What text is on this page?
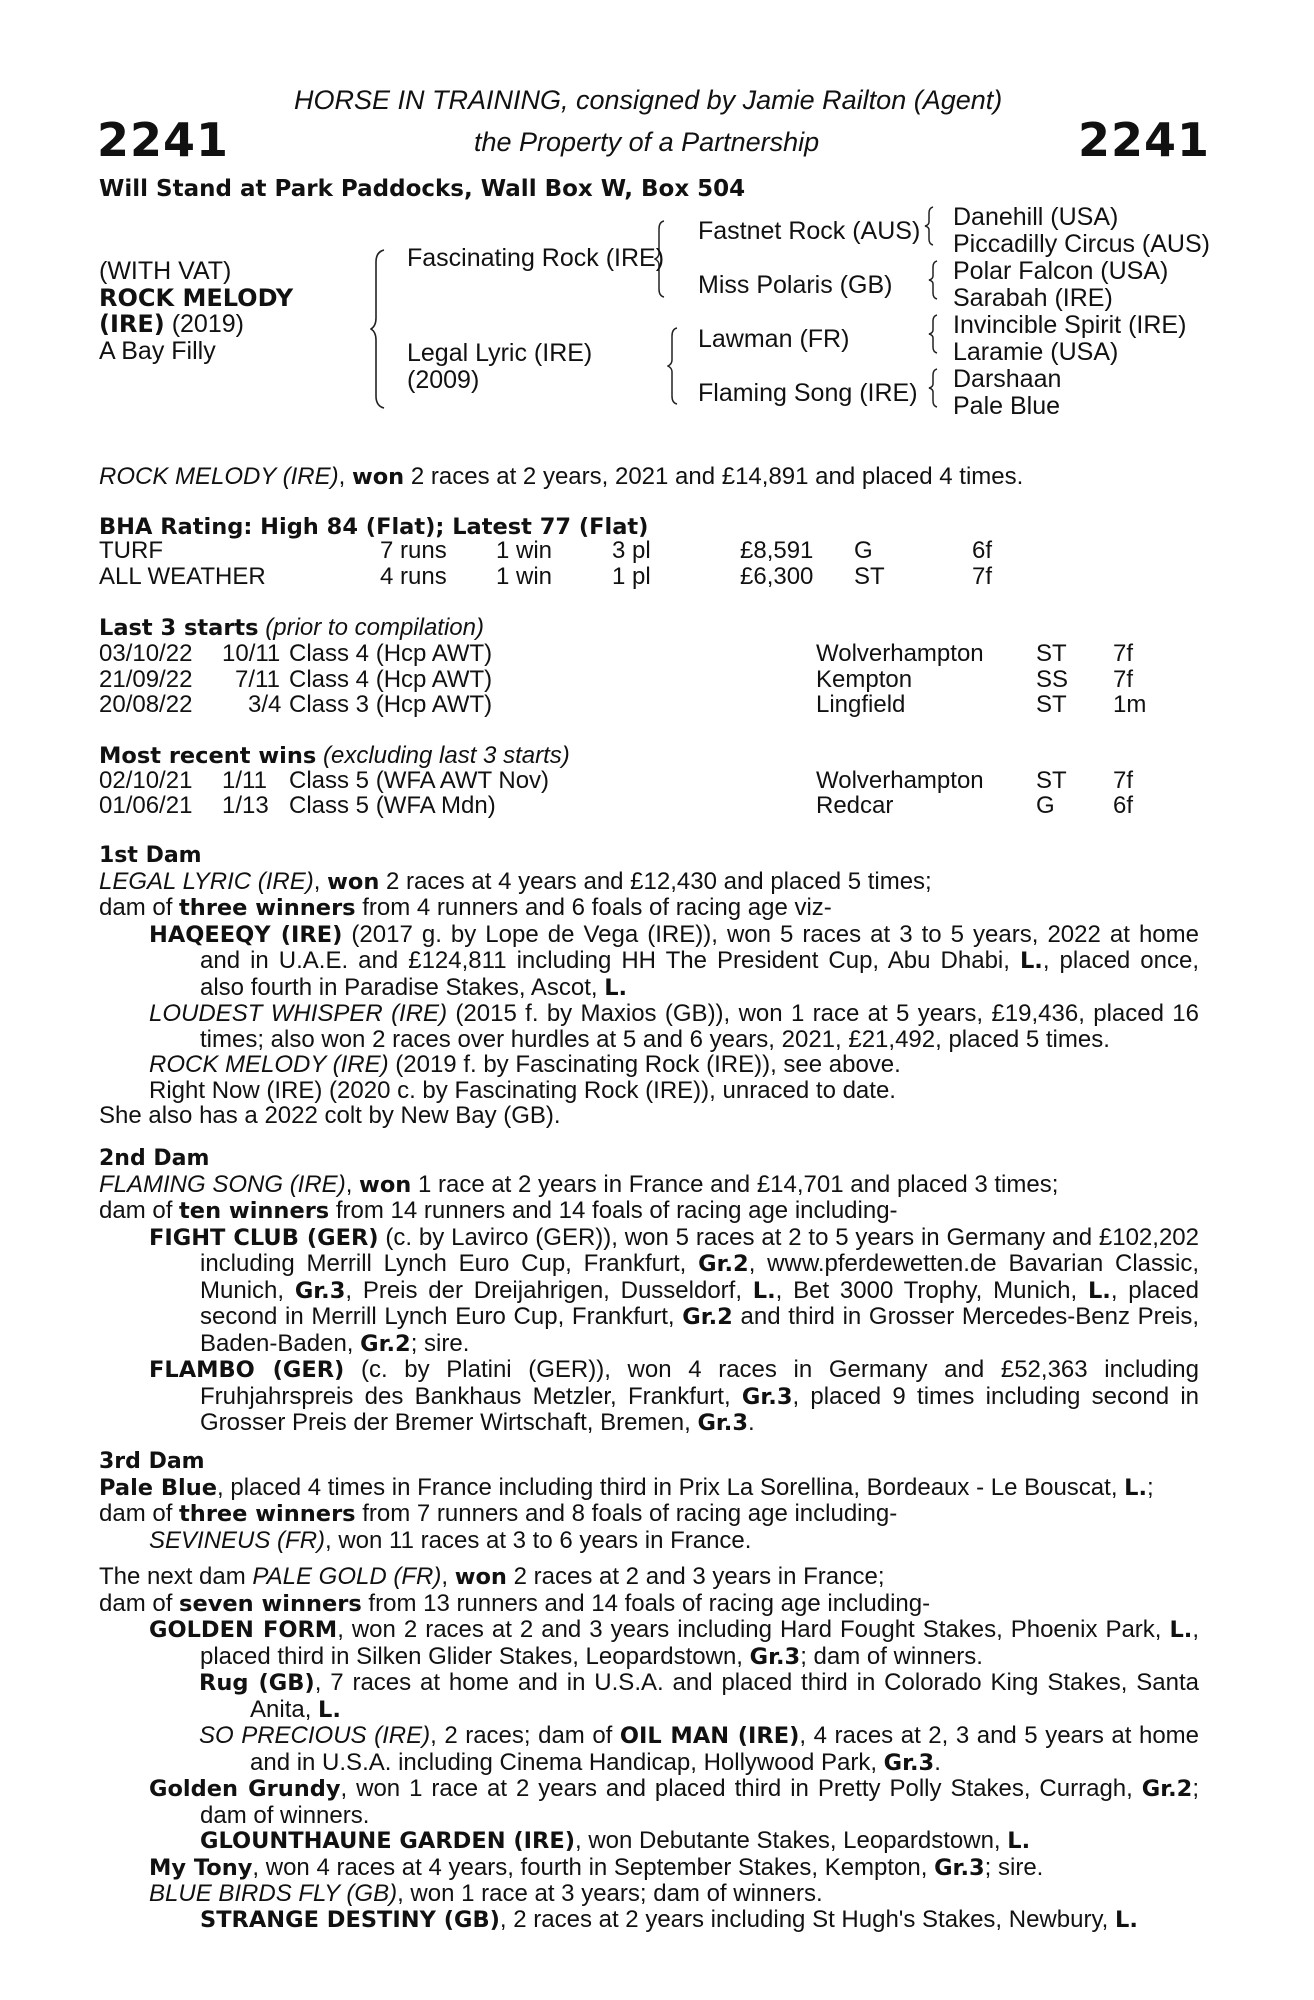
2241	2241
HORSE IN TRAINING, consigned by Jamie Railton (Agent)
the Property of a Partnership
Will Stand at Park Paddocks, Wall Box W, Box 504
(WITH VAT)
ROCK MELODY
(IRE) (2019)
A Bay Filly
Fascinating Rock (IRE)
Legal Lyric (IRE)
(2009)
Fastnet Rock (AUS)
Miss Polaris (GB)
Lawman (FR)
Flaming Song (IRE)
Danehill (USA)
Piccadilly Circus (AUS)
Polar Falcon (USA)
Sarabah (IRE)
Invincible Spirit (IRE)
Laramie (USA)
Darshaan
Pale Blue
ROCK MELODY (IRE), won 2 races at 2 years, 2021 and £14,891 and placed 4 times.
BHA Rating: High 84 (Flat); Latest 77 (Flat)
TURF	7 runs 1 win 3 pl	£8,591 G	6f
ALL WEATHER	4 runs 1 win 1 pl	£6,300 ST	7f
Last 3 starts (prior to compilation)
03/10/22 10/11 Class 4 (Hcp AWT)	Wolverhampton ST 7f
21/09/22 7/11 Class 4 (Hcp AWT)	Kempton	SS 7f
20/08/22 3/4 Class 3 (Hcp AWT)	Lingfield	ST 1m
Most recent wins (excluding last 3 starts)
02/10/21 1/11 Class 5 (WFA AWT Nov)	Wolverhampton ST 7f
01/06/21 1/13 Class 5 (WFA Mdn)	Redcar	G 6f

1st Dam

LEGAL LYRIC (IRE), won 2 races at 4 years and £12,430 and placed 5 times;

dam of three winners from 4 runners and 6 foals of racing age viz-

HAQEEQY (IRE) (2017 g. by Lope de Vega (IRE)), won 5 races at 3 to 5 years, 2022 at home and in U.A.E. and £124,811 including HH The President Cup, Abu Dhabi, L., placed once, also fourth in Paradise Stakes, Ascot, L.

LOUDEST WHISPER (IRE) (2015 f. by Maxios (GB)), won 1 race at 5 years, £19,436, placed 16 times; also won 2 races over hurdles at 5 and 6 years, 2021, £21,492, placed 5 times.

ROCK MELODY (IRE) (2019 f. by Fascinating Rock (IRE)), see above.

Right Now (IRE) (2020 c. by Fascinating Rock (IRE)), unraced to date.

She also has a 2022 colt by New Bay (GB).

2nd Dam

FLAMING SONG (IRE), won 1 race at 2 years in France and £14,701 and placed 3 times;

dam of ten winners from 14 runners and 14 foals of racing age including-

FIGHT CLUB (GER) (c. by Lavirco (GER)), won 5 races at 2 to 5 years in Germany and £102,202 including Merrill Lynch Euro Cup, Frankfurt, Gr.2, www.pferdewetten.de Bavarian Classic, Munich, Gr.3, Preis der Dreijahrigen, Dusseldorf, L., Bet 3000 Trophy, Munich, L., placed second in Merrill Lynch Euro Cup, Frankfurt, Gr.2 and third in Grosser Mercedes-Benz Preis, Baden-Baden, Gr.2; sire.

FLAMBO (GER) (c. by Platini (GER)), won 4 races in Germany and £52,363 including Fruhjahrspreis des Bankhaus Metzler, Frankfurt, Gr.3, placed 9 times including second in Grosser Preis der Bremer Wirtschaft, Bremen, Gr.3.

3rd Dam

Pale Blue, placed 4 times in France including third in Prix La Sorellina, Bordeaux - Le Bouscat, L.;

dam of three winners from 7 runners and 8 foals of racing age including-

SEVINEUS (FR), won 11 races at 3 to 6 years in France.

The next dam PALE GOLD (FR), won 2 races at 2 and 3 years in France;

dam of seven winners from 13 runners and 14 foals of racing age including-

GOLDEN FORM, won 2 races at 2 and 3 years including Hard Fought Stakes, Phoenix Park, L., placed third in Silken Glider Stakes, Leopardstown, Gr.3; dam of winners.

Rug (GB), 7 races at home and in U.S.A. and placed third in Colorado King Stakes, Santa Anita, L.

SO PRECIOUS (IRE), 2 races; dam of OIL MAN (IRE), 4 races at 2, 3 and 5 years at home and in U.S.A. including Cinema Handicap, Hollywood Park, Gr.3.

Golden Grundy, won 1 race at 2 years and placed third in Pretty Polly Stakes, Curragh, Gr.2; dam of winners.

GLOUNTHAUNE GARDEN (IRE), won Debutante Stakes, Leopardstown, L.

My Tony, won 4 races at 4 years, fourth in September Stakes, Kempton, Gr.3; sire.

BLUE BIRDS FLY (GB), won 1 race at 3 years; dam of winners.

STRANGE DESTINY (GB), 2 races at 2 years including St Hugh's Stakes, Newbury, L.
